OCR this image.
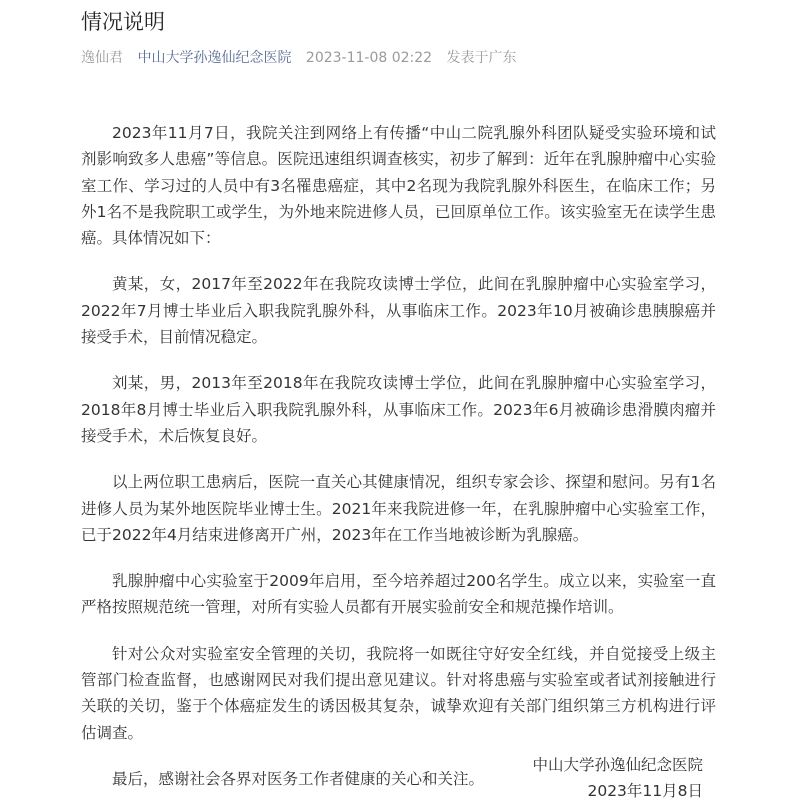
情况说明
逸仙君 中山大学孙逸仙纪念医院 2023-11-08 02:22 发表于广东

2023年11月7日，我院关注到网络上有传播“中山二院乳腺外科团队疑受实验环境和试剂影响致多人患癌”等信息。医院迅速组织调查核实，初步了解到：近年在乳腺肿瘤中心实验室工作、学习过的人员中有3名罹患癌症，其中2名现为我院乳腺外科医生，在临床工作；另外1名不是我院职工或学生，为外地来院进修人员，已回原单位工作。该实验室无在读学生患癌。具体情况如下：

黄某，女，2017年至2022年在我院攻读博士学位，此间在乳腺肿瘤中心实验室学习，2022年7月博士毕业后入职我院乳腺外科，从事临床工作。2023年10月被确诊患胰腺癌并接受手术，目前情况稳定。

刘某，男，2013年至2018年在我院攻读博士学位，此间在乳腺肿瘤中心实验室学习，2018年8月博士毕业后入职我院乳腺外科，从事临床工作。2023年6月被确诊患滑膜肉瘤并接受手术，术后恢复良好。

以上两位职工患病后，医院一直关心其健康情况，组织专家会诊、探望和慰问。另有1名进修人员为某外地医院毕业博士生。2021年来我院进修一年，在乳腺肿瘤中心实验室工作，已于2022年4月结束进修离开广州，2023年在工作当地被诊断为乳腺癌。

乳腺肿瘤中心实验室于2009年启用，至今培养超过200名学生。成立以来，实验室一直严格按照规范统一管理，对所有实验人员都有开展实验前安全和规范操作培训。

针对公众对实验室安全管理的关切，我院将一如既往守好安全红线，并自觉接受上级主管部门检查监督，也感谢网民对我们提出意见建议。针对将患癌与实验室或者试剂接触进行关联的关切，鉴于个体癌症发生的诱因极其复杂，诚挚欢迎有关部门组织第三方机构进行评估调查。

最后，感谢社会各界对医务工作者健康的关心和关注。

中山大学孙逸仙纪念医院
2023年11月8日
